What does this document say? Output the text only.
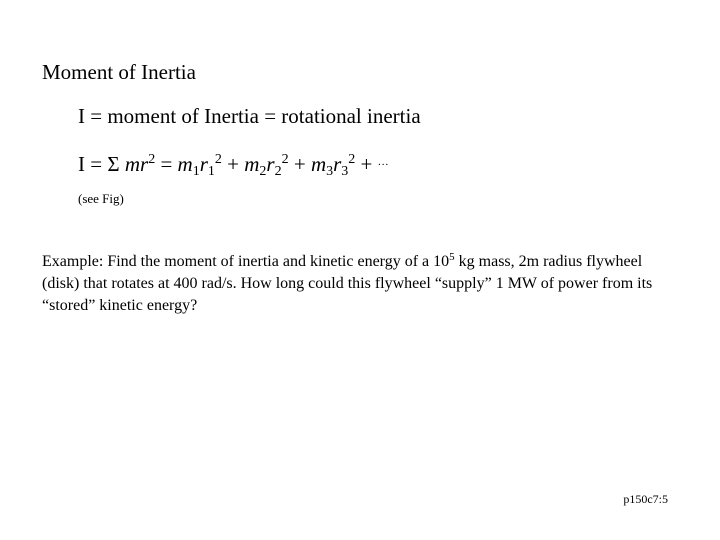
Moment of Inertia
I = moment of Inertia = rotational inertia
I = Σ $mr^2 = m_1r_1^2 + m_2r_2^2 + m_3r_3^2 + ^\dots$
(see Fig)
Example: Find the moment of inertia and kinetic energy of a $10^5$ kg mass, 2m radius flywheel (disk) that rotates at 400 rad/s. How long could this flywheel “supply” 1 MW of power from its “stored” kinetic energy?
p150c7:5
